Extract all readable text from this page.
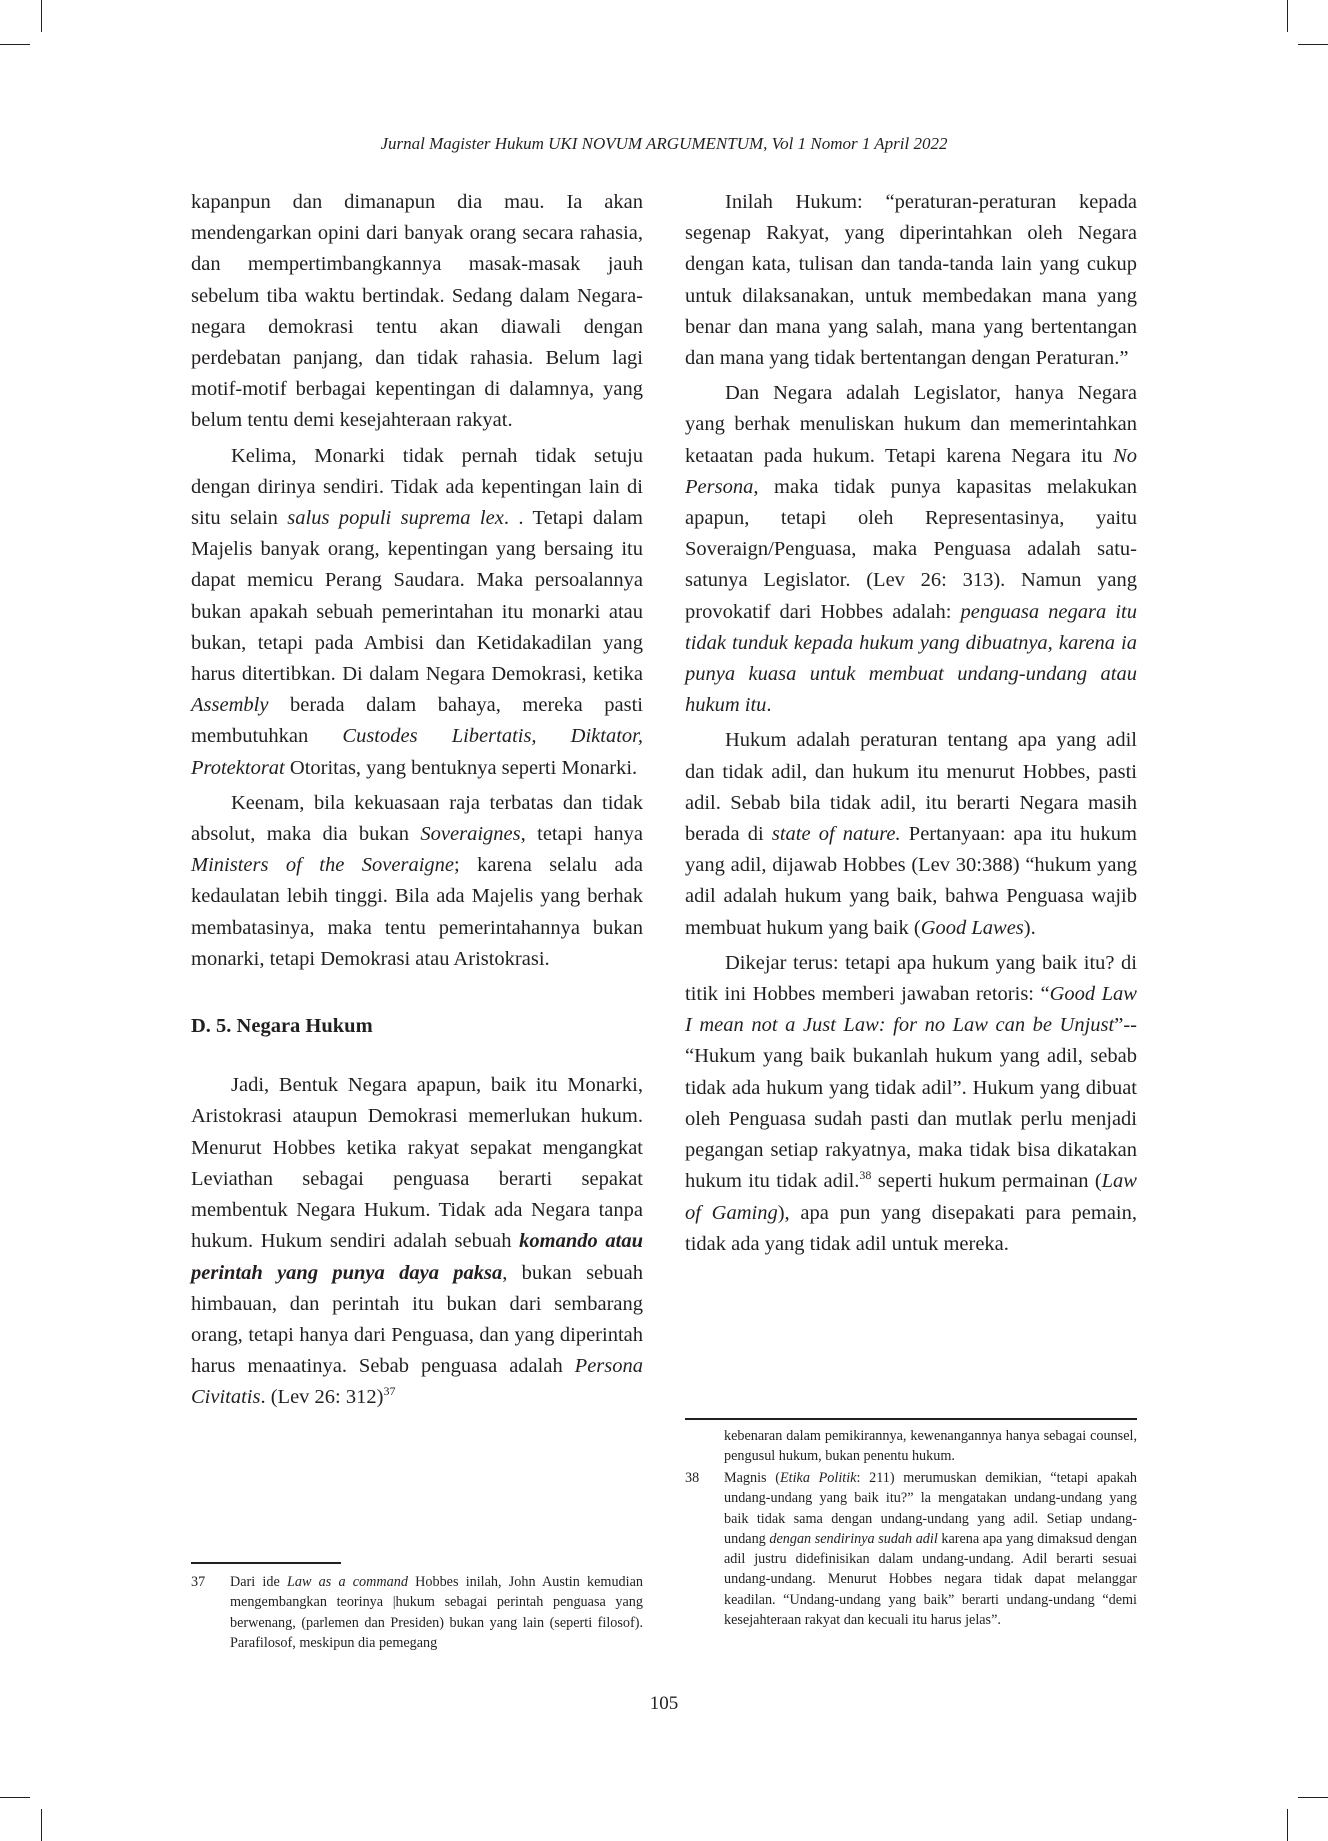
Jurnal Magister Hukum UKI NOVUM ARGUMENTUM, Vol 1 Nomor 1 April 2022

kapanpun dan dimanapun dia mau. Ia akan mendengarkan opini dari banyak orang secara rahasia, dan mempertimbangkannya masak-masak jauh sebelum tiba waktu bertindak. Sedang dalam Negara-negara demokrasi tentu akan diawali dengan perdebatan panjang, dan tidak rahasia. Belum lagi motif-motif berbagai kepentingan di dalamnya, yang belum tentu demi kesejahteraan rakyat.

Kelima, Monarki tidak pernah tidak setuju dengan dirinya sendiri. Tidak ada kepentingan lain di situ selain salus populi suprema lex. . Tetapi dalam Majelis banyak orang, kepentingan yang bersaing itu dapat memicu Perang Saudara. Maka persoalannya bukan apakah sebuah pemerintahan itu monarki atau bukan, tetapi pada Ambisi dan Ketidakadilan yang harus ditertibkan. Di dalam Negara Demokrasi, ketika Assembly berada dalam bahaya, mereka pasti membutuhkan Custodes Libertatis, Diktator, Protektorat Otoritas, yang bentuknya seperti Monarki.

Keenam, bila kekuasaan raja terbatas dan tidak absolut, maka dia bukan Soveraignes, tetapi hanya Ministers of the Soveraigne; karena selalu ada kedaulatan lebih tinggi. Bila ada Majelis yang berhak membatasinya, maka tentu pemerintahannya bukan monarki, tetapi Demokrasi atau Aristokrasi.

D. 5. Negara Hukum

Jadi, Bentuk Negara apapun, baik itu Monarki, Aristokrasi ataupun Demokrasi memerlukan hukum. Menurut Hobbes ketika rakyat sepakat mengangkat Leviathan sebagai penguasa berarti sepakat membentuk Negara Hukum. Tidak ada Negara tanpa hukum. Hukum sendiri adalah sebuah komando atau perintah yang punya daya paksa, bukan sebuah himbauan, dan perintah itu bukan dari sembarang orang, tetapi hanya dari Penguasa, dan yang diperintah harus menaatinya. Sebab penguasa adalah Persona Civitatis. (Lev 26: 312)$^{37}$

Inilah Hukum: “peraturan-peraturan kepada segenap Rakyat, yang diperintahkan oleh Negara dengan kata, tulisan dan tanda-tanda lain yang cukup untuk dilaksanakan, untuk membedakan mana yang benar dan mana yang salah, mana yang bertentangan dan mana yang tidak bertentangan dengan Peraturan.”

Dan Negara adalah Legislator, hanya Negara yang berhak menuliskan hukum dan memerintahkan ketaatan pada hukum. Tetapi karena Negara itu No Persona, maka tidak punya kapasitas melakukan apapun, tetapi oleh Representasinya, yaitu Soveraign/Penguasa, maka Penguasa adalah satu-satunya Legislator. (Lev 26: 313). Namun yang provokatif dari Hobbes adalah: penguasa negara itu tidak tunduk kepada hukum yang dibuatnya, karena ia punya kuasa untuk membuat undang-undang atau hukum itu.

Hukum adalah peraturan tentang apa yang adil dan tidak adil, dan hukum itu menurut Hobbes, pasti adil. Sebab bila tidak adil, itu berarti Negara masih berada di state of nature. Pertanyaan: apa itu hukum yang adil, dijawab Hobbes (Lev 30:388) “hukum yang adil adalah hukum yang baik, bahwa Penguasa wajib membuat hukum yang baik (Good Lawes).

Dikejar terus: tetapi apa hukum yang baik itu? di titik ini Hobbes memberi jawaban retoris: “Good Law I mean not a Just Law: for no Law can be Unjust”-- “Hukum yang baik bukanlah hukum yang adil, sebab tidak ada hukum yang tidak adil”. Hukum yang dibuat oleh Penguasa sudah pasti dan mutlak perlu menjadi pegangan setiap rakyatnya, maka tidak bisa dikatakan hukum itu tidak adil.$^{38}$ seperti hukum permainan (Law of Gaming), apa pun yang disepakati para pemain, tidak ada yang tidak adil untuk mereka.

37 Dari ide Law as a command Hobbes inilah, John Austin kemudian mengembangkan teorinya |hukum sebagai perintah penguasa yang berwenang, (parlemen dan Presiden) bukan yang lain (seperti filosof). Parafilosof, meskipun dia pemegang
kebenaran dalam pemikirannya, kewenangannya hanya sebagai counsel, pengusul hukum, bukan penentu hukum.
38 Magnis (Etika Politik: 211) merumuskan demikian, “tetapi apakah undang-undang yang baik itu?” la mengatakan undang-undang yang baik tidak sama dengan undang-undang yang adil. Setiap undang-undang dengan sendirinya sudah adil karena apa yang dimaksud dengan adil justru didefinisikan dalam undang-undang. Adil berarti sesuai undang-undang. Menurut Hobbes negara tidak dapat melanggar keadilan. “Undang-undang yang baik” berarti undang-undang “demi kesejahteraan rakyat dan kecuali itu harus jelas”.
105
